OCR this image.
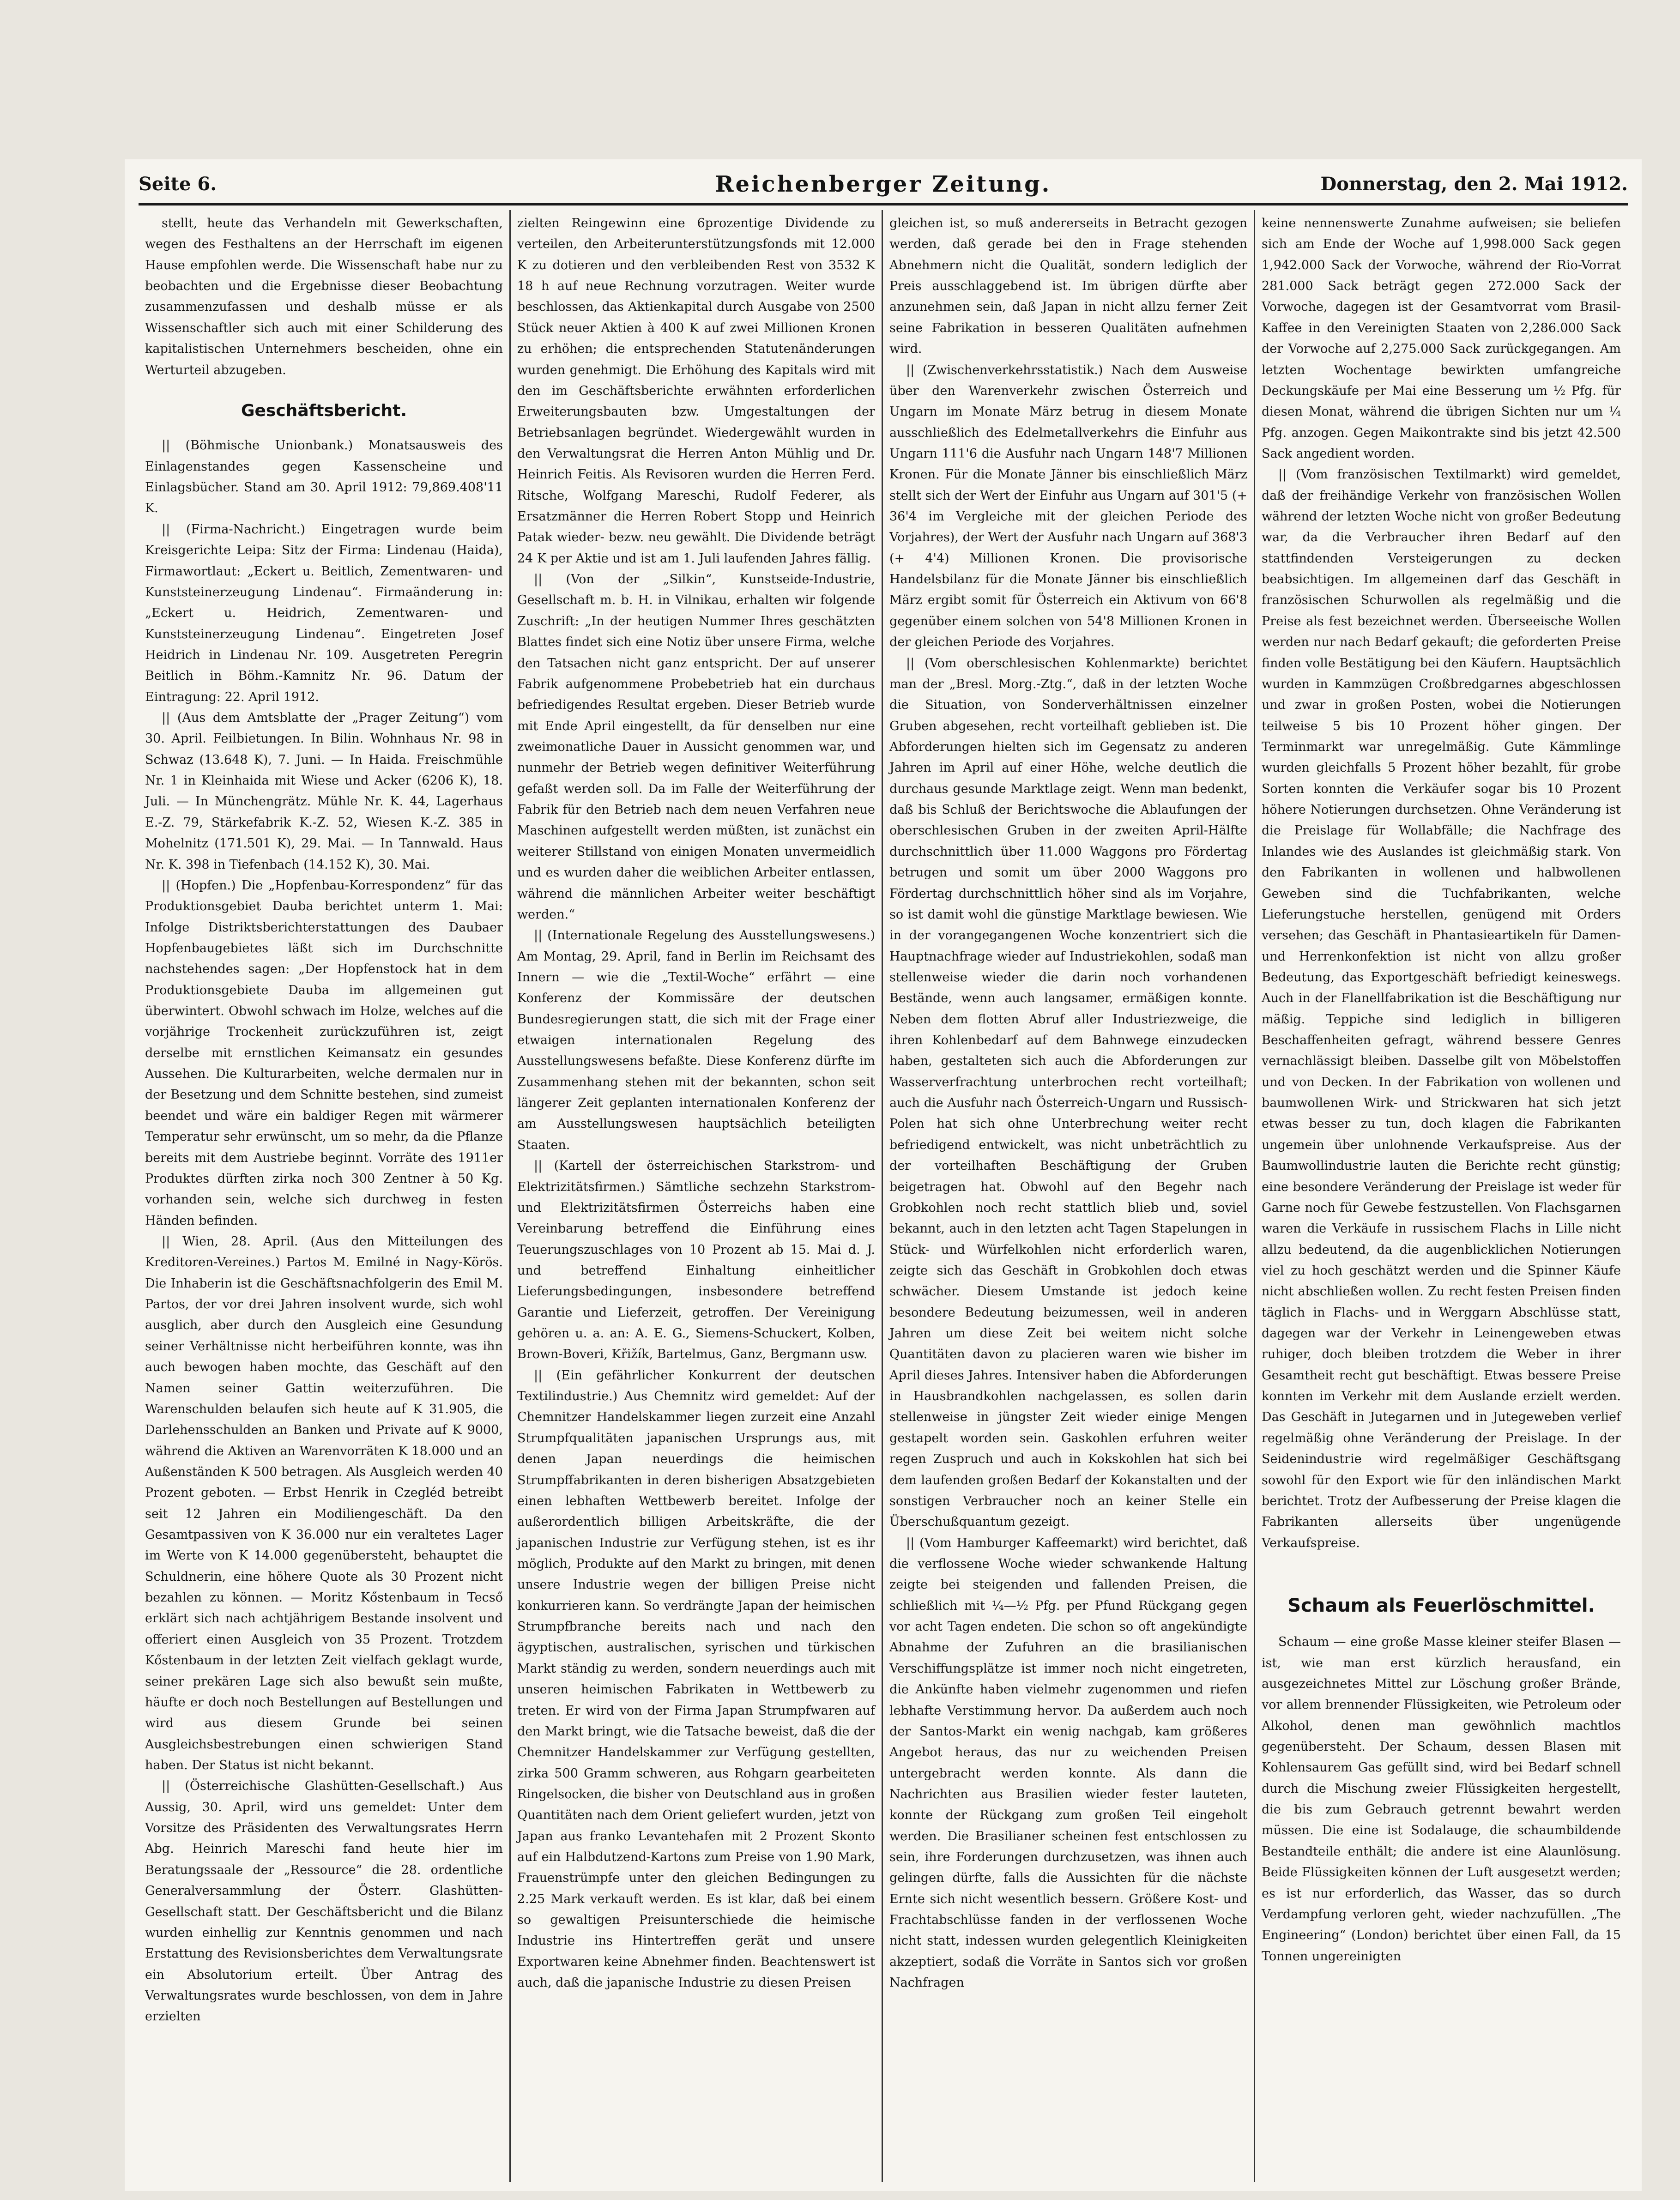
Seite 6.	Reichenberger Zeitung.	Donnerstag, den 2. Mai 1912.

stellt, heute das Verhandeln mit Gewerkschaften, wegen des Festhaltens an der Herrschaft im eigenen Hause empfohlen werde. Die Wissenschaft habe nur zu beobachten und die Ergebnisse dieser Beobachtung zusammenzufassen und deshalb müsse er als Wissenschaftler sich auch mit einer Schilderung des kapitalistischen Unternehmers bescheiden, ohne ein Werturteil abzugeben.

Geschäftsbericht.

|| (Böhmische Unionbank.) Monatsausweis des Einlagenstandes gegen Kassenscheine und Einlagsbücher. Stand am 30. April 1912: 79,869.408'11 K.

|| (Firma-Nachricht.) Eingetragen wurde beim Kreisgerichte Leipa: Sitz der Firma: Lindenau (Haida), Firmawortlaut: „Eckert u. Beitlich, Zementwaren- und Kunststeinerzeugung Lindenau“. Firmaänderung in: „Eckert u. Heidrich, Zementwaren- und Kunststeinerzeugung Lindenau“. Eingetreten Josef Heidrich in Lindenau Nr. 109. Ausgetreten Peregrin Beitlich in Böhm.-Kamnitz Nr. 96. Datum der Eintragung: 22. April 1912.

|| (Aus dem Amtsblatte der „Prager Zeitung“) vom 30. April. Feilbietungen. In Bilin. Wohnhaus Nr. 98 in Schwaz (13.648 K), 7. Juni. — In Haida. Freischmühle Nr. 1 in Kleinhaida mit Wiese und Acker (6206 K), 18. Juli. — In Münchengrätz. Mühle Nr. K. 44, Lagerhaus E.-Z. 79, Stärkefabrik K.-Z. 52, Wiesen K.-Z. 385 in Mohelnitz (171.501 K), 29. Mai. — In Tannwald. Haus Nr. K. 398 in Tiefenbach (14.152 K), 30. Mai.

|| (Hopfen.) Die „Hopfenbau-Korrespondenz“ für das Produktionsgebiet Dauba berichtet unterm 1. Mai: Infolge Distriktsberichterstattungen des Daubaer Hopfenbaugebietes läßt sich im Durchschnitte nachstehendes sagen: „Der Hopfenstock hat in dem Produktionsgebiete Dauba im allgemeinen gut überwintert. Obwohl schwach im Holze, welches auf die vorjährige Trockenheit zurückzuführen ist, zeigt derselbe mit ernstlichen Keimansatz ein gesundes Aussehen. Die Kulturarbeiten, welche dermalen nur in der Besetzung und dem Schnitte bestehen, sind zumeist beendet und wäre ein baldiger Regen mit wärmerer Temperatur sehr erwünscht, um so mehr, da die Pflanze bereits mit dem Austriebe beginnt. Vorräte des 1911er Produktes dürften zirka noch 300 Zentner à 50 Kg. vorhanden sein, welche sich durchweg in festen Händen befinden.

|| Wien, 28. April. (Aus den Mitteilungen des Kreditoren-Vereines.) Partos M. Emilné in Nagy-Körös. Die Inhaberin ist die Geschäftsnachfolgerin des Emil M. Partos, der vor drei Jahren insolvent wurde, sich wohl ausglich, aber durch den Ausgleich eine Gesundung seiner Verhältnisse nicht herbeiführen konnte, was ihn auch bewogen haben mochte, das Geschäft auf den Namen seiner Gattin weiterzuführen. Die Warenschulden belaufen sich heute auf K 31.905, die Darlehensschulden an Banken und Private auf K 9000, während die Aktiven an Warenvorräten K 18.000 und an Außenständen K 500 betragen. Als Ausgleich werden 40 Prozent geboten. — Erbst Henrik in Czegléd betreibt seit 12 Jahren ein Modiliengeschäft. Da den Gesamtpassiven von K 36.000 nur ein veraltetes Lager im Werte von K 14.000 gegenübersteht, behauptet die Schuldnerin, eine höhere Quote als 30 Prozent nicht bezahlen zu können. — Moritz Kőstenbaum in Tecső erklärt sich nach achtjährigem Bestande insolvent und offeriert einen Ausgleich von 35 Prozent. Trotzdem Kőstenbaum in der letzten Zeit vielfach geklagt wurde, seiner prekären Lage sich also bewußt sein mußte, häufte er doch noch Bestellungen auf Bestellungen und wird aus diesem Grunde bei seinen Ausgleichsbestrebungen einen schwierigen Stand haben. Der Status ist nicht bekannt.

|| (Österreichische Glashütten-Gesellschaft.) Aus Aussig, 30. April, wird uns gemeldet: Unter dem Vorsitze des Präsidenten des Verwaltungsrates Herrn Abg. Heinrich Mareschi fand heute hier im Beratungssaale der „Ressource“ die 28. ordentliche Generalversammlung der Österr. Glashütten-Gesellschaft statt. Der Geschäftsbericht und die Bilanz wurden einhellig zur Kenntnis genommen und nach Erstattung des Revisionsberichtes dem Verwaltungsrate ein Absolutorium erteilt. Über Antrag des Verwaltungsrates wurde beschlossen, von dem in Jahre erzielten

zielten Reingewinn eine 6prozentige Dividende zu verteilen, den Arbeiterunterstützungsfonds mit 12.000 K zu dotieren und den verbleibenden Rest von 3532 K 18 h auf neue Rechnung vorzutragen. Weiter wurde beschlossen, das Aktienkapital durch Ausgabe von 2500 Stück neuer Aktien à 400 K auf zwei Millionen Kronen zu erhöhen; die entsprechenden Statutenänderungen wurden genehmigt. Die Erhöhung des Kapitals wird mit den im Geschäftsberichte erwähnten erforderlichen Erweiterungsbauten bzw. Umgestaltungen der Betriebsanlagen begründet. Wiedergewählt wurden in den Verwaltungsrat die Herren Anton Mühlig und Dr. Heinrich Feitis. Als Revisoren wurden die Herren Ferd. Ritsche, Wolfgang Mareschi, Rudolf Federer, als Ersatzmänner die Herren Robert Stopp und Heinrich Patak wieder- bezw. neu gewählt. Die Dividende beträgt 24 K per Aktie und ist am 1. Juli laufenden Jahres fällig.

|| (Von der „Silkin“, Kunstseide-Industrie, Gesellschaft m. b. H. in Vilnikau, erhalten wir folgende Zuschrift: „In der heutigen Nummer Ihres geschätzten Blattes findet sich eine Notiz über unsere Firma, welche den Tatsachen nicht ganz entspricht. Der auf unserer Fabrik aufgenommene Probebetrieb hat ein durchaus befriedigendes Resultat ergeben. Dieser Betrieb wurde mit Ende April eingestellt, da für denselben nur eine zweimonatliche Dauer in Aussicht genommen war, und nunmehr der Betrieb wegen definitiver Weiterführung gefaßt werden soll. Da im Falle der Weiterführung der Fabrik für den Betrieb nach dem neuen Verfahren neue Maschinen aufgestellt werden müßten, ist zunächst ein weiterer Stillstand von einigen Monaten unvermeidlich und es wurden daher die weiblichen Arbeiter entlassen, während die männlichen Arbeiter weiter beschäftigt werden.“

|| (Internationale Regelung des Ausstellungswesens.) Am Montag, 29. April, fand in Berlin im Reichsamt des Innern — wie die „Textil-Woche“ erfährt — eine Konferenz der Kommissäre der deutschen Bundesregierungen statt, die sich mit der Frage einer etwaigen internationalen Regelung des Ausstellungswesens befaßte. Diese Konferenz dürfte im Zusammenhang stehen mit der bekannten, schon seit längerer Zeit geplanten internationalen Konferenz der am Ausstellungswesen hauptsächlich beteiligten Staaten.

|| (Kartell der österreichischen Starkstrom- und Elektrizitätsfirmen.) Sämtliche sechzehn Starkstrom- und Elektrizitätsfirmen Österreichs haben eine Vereinbarung betreffend die Einführung eines Teuerungszuschlages von 10 Prozent ab 15. Mai d. J. und betreffend Einhaltung einheitlicher Lieferungsbedingungen, insbesondere betreffend Garantie und Lieferzeit, getroffen. Der Vereinigung gehören u. a. an: A. E. G., Siemens-Schuckert, Kolben, Brown-Boveri, Křižík, Bartelmus, Ganz, Bergmann usw.

|| (Ein gefährlicher Konkurrent der deutschen Textilindustrie.) Aus Chemnitz wird gemeldet: Auf der Chemnitzer Handelskammer liegen zurzeit eine Anzahl Strumpfqualitäten japanischen Ursprungs aus, mit denen Japan neuerdings die heimischen Strumpffabrikanten in deren bisherigen Absatzgebieten einen lebhaften Wettbewerb bereitet. Infolge der außerordentlich billigen Arbeitskräfte, die der japanischen Industrie zur Verfügung stehen, ist es ihr möglich, Produkte auf den Markt zu bringen, mit denen unsere Industrie wegen der billigen Preise nicht konkurrieren kann. So verdrängte Japan der heimischen Strumpfbranche bereits nach und nach den ägyptischen, australischen, syrischen und türkischen Markt ständig zu werden, sondern neuerdings auch mit unseren heimischen Fabrikaten in Wettbewerb zu treten. Er wird von der Firma Japan Strumpfwaren auf den Markt bringt, wie die Tatsache beweist, daß die der Chemnitzer Handelskammer zur Verfügung gestellten, zirka 500 Gramm schweren, aus Rohgarn gearbeiteten Ringelsocken, die bisher von Deutschland aus in großen Quantitäten nach dem Orient geliefert wurden, jetzt von Japan aus franko Levantehafen mit 2 Prozent Skonto auf ein Halbdutzend-Kartons zum Preise von 1.90 Mark, Frauenstrümpfe unter den gleichen Bedingungen zu 2.25 Mark verkauft werden. Es ist klar, daß bei einem so gewaltigen Preisunterschiede die heimische Industrie ins Hintertreffen gerät und unsere Exportwaren keine Abnehmer finden. Beachtenswert ist auch, daß die japanische Industrie zu diesen Preisen

gleichen ist, so muß andererseits in Betracht gezogen werden, daß gerade bei den in Frage stehenden Abnehmern nicht die Qualität, sondern lediglich der Preis ausschlaggebend ist. Im übrigen dürfte aber anzunehmen sein, daß Japan in nicht allzu ferner Zeit seine Fabrikation in besseren Qualitäten aufnehmen wird.

|| (Zwischenverkehrsstatistik.) Nach dem Ausweise über den Warenverkehr zwischen Österreich und Ungarn im Monate März betrug in diesem Monate ausschließlich des Edelmetallverkehrs die Einfuhr aus Ungarn 111'6 die Ausfuhr nach Ungarn 148'7 Millionen Kronen. Für die Monate Jänner bis einschließlich März stellt sich der Wert der Einfuhr aus Ungarn auf 301'5 (+ 36'4 im Vergleiche mit der gleichen Periode des Vorjahres), der Wert der Ausfuhr nach Ungarn auf 368'3 (+ 4'4) Millionen Kronen. Die provisorische Handelsbilanz für die Monate Jänner bis einschließlich März ergibt somit für Österreich ein Aktivum von 66'8 gegenüber einem solchen von 54'8 Millionen Kronen in der gleichen Periode des Vorjahres.

|| (Vom oberschlesischen Kohlenmarkte) berichtet man der „Bresl. Morg.-Ztg.“, daß in der letzten Woche die Situation, von Sonderverhältnissen einzelner Gruben abgesehen, recht vorteilhaft geblieben ist. Die Abforderungen hielten sich im Gegensatz zu anderen Jahren im April auf einer Höhe, welche deutlich die durchaus gesunde Marktlage zeigt. Wenn man bedenkt, daß bis Schluß der Berichtswoche die Ablaufungen der oberschlesischen Gruben in der zweiten April-Hälfte durchschnittlich über 11.000 Waggons pro Fördertag betrugen und somit um über 2000 Waggons pro Fördertag durchschnittlich höher sind als im Vorjahre, so ist damit wohl die günstige Marktlage bewiesen. Wie in der vorangegangenen Woche konzentriert sich die Hauptnachfrage wieder auf Industriekohlen, sodaß man stellenweise wieder die darin noch vorhandenen Bestände, wenn auch langsamer, ermäßigen konnte. Neben dem flotten Abruf aller Industriezweige, die ihren Kohlenbedarf auf dem Bahnwege einzudecken haben, gestalteten sich auch die Abforderungen zur Wasserverfrachtung unterbrochen recht vorteilhaft; auch die Ausfuhr nach Österreich-Ungarn und Russisch-Polen hat sich ohne Unterbrechung weiter recht befriedigend entwickelt, was nicht unbeträchtlich zu der vorteilhaften Beschäftigung der Gruben beigetragen hat. Obwohl auf den Begehr nach Grobkohlen noch recht stattlich blieb und, soviel bekannt, auch in den letzten acht Tagen Stapelungen in Stück- und Würfelkohlen nicht erforderlich waren, zeigte sich das Geschäft in Grobkohlen doch etwas schwächer. Diesem Umstande ist jedoch keine besondere Bedeutung beizumessen, weil in anderen Jahren um diese Zeit bei weitem nicht solche Quantitäten davon zu placieren waren wie bisher im April dieses Jahres. Intensiver haben die Abforderungen in Hausbrandkohlen nachgelassen, es sollen darin stellenweise in jüngster Zeit wieder einige Mengen gestapelt worden sein. Gaskohlen erfuhren weiter regen Zuspruch und auch in Kokskohlen hat sich bei dem laufenden großen Bedarf der Kokanstalten und der sonstigen Verbraucher noch an keiner Stelle ein Überschußquantum gezeigt.

|| (Vom Hamburger Kaffeemarkt) wird berichtet, daß die verflossene Woche wieder schwankende Haltung zeigte bei steigenden und fallenden Preisen, die schließlich mit ¼—½ Pfg. per Pfund Rückgang gegen vor acht Tagen endeten. Die schon so oft angekündigte Abnahme der Zufuhren an die brasilianischen Verschiffungsplätze ist immer noch nicht eingetreten, die Ankünfte haben vielmehr zugenommen und riefen lebhafte Verstimmung hervor. Da außerdem auch noch der Santos-Markt ein wenig nachgab, kam größeres Angebot heraus, das nur zu weichenden Preisen untergebracht werden konnte. Als dann die Nachrichten aus Brasilien wieder fester lauteten, konnte der Rückgang zum großen Teil eingeholt werden. Die Brasilianer scheinen fest entschlossen zu sein, ihre Forderungen durchzusetzen, was ihnen auch gelingen dürfte, falls die Aussichten für die nächste Ernte sich nicht wesentlich bessern. Größere Kost- und Frachtabschlüsse fanden in der verflossenen Woche nicht statt, indessen wurden gelegentlich Kleinigkeiten akzeptiert, sodaß die Vorräte in Santos sich vor großen Nachfragen

keine nennenswerte Zunahme aufweisen; sie beliefen sich am Ende der Woche auf 1,998.000 Sack gegen 1,942.000 Sack der Vorwoche, während der Rio-Vorrat 281.000 Sack beträgt gegen 272.000 Sack der Vorwoche, dagegen ist der Gesamtvorrat vom Brasil-Kaffee in den Vereinigten Staaten von 2,286.000 Sack der Vorwoche auf 2,275.000 Sack zurückgegangen. Am letzten Wochentage bewirkten umfangreiche Deckungskäufe per Mai eine Besserung um ½ Pfg. für diesen Monat, während die übrigen Sichten nur um ¼ Pfg. anzogen. Gegen Maikontrakte sind bis jetzt 42.500 Sack angedient worden.

|| (Vom französischen Textilmarkt) wird gemeldet, daß der freihändige Verkehr von französischen Wollen während der letzten Woche nicht von großer Bedeutung war, da die Verbraucher ihren Bedarf auf den stattfindenden Versteigerungen zu decken beabsichtigen. Im allgemeinen darf das Geschäft in französischen Schurwollen als regelmäßig und die Preise als fest bezeichnet werden. Überseeische Wollen werden nur nach Bedarf gekauft; die geforderten Preise finden volle Bestätigung bei den Käufern. Hauptsächlich wurden in Kammzügen Croßbredgarnes abgeschlossen und zwar in großen Posten, wobei die Notierungen teilweise 5 bis 10 Prozent höher gingen. Der Terminmarkt war unregelmäßig. Gute Kämmlinge wurden gleichfalls 5 Prozent höher bezahlt, für grobe Sorten konnten die Verkäufer sogar bis 10 Prozent höhere Notierungen durchsetzen. Ohne Veränderung ist die Preislage für Wollabfälle; die Nachfrage des Inlandes wie des Auslandes ist gleichmäßig stark. Von den Fabrikanten in wollenen und halbwollenen Geweben sind die Tuchfabrikanten, welche Lieferungstuche herstellen, genügend mit Orders versehen; das Geschäft in Phantasieartikeln für Damen- und Herrenkonfektion ist nicht von allzu großer Bedeutung, das Exportgeschäft befriedigt keineswegs. Auch in der Flanellfabrikation ist die Beschäftigung nur mäßig. Teppiche sind lediglich in billigeren Beschaffenheiten gefragt, während bessere Genres vernachlässigt bleiben. Dasselbe gilt von Möbelstoffen und von Decken. In der Fabrikation von wollenen und baumwollenen Wirk- und Strickwaren hat sich jetzt etwas besser zu tun, doch klagen die Fabrikanten ungemein über unlohnende Verkaufspreise. Aus der Baumwollindustrie lauten die Berichte recht günstig; eine besondere Veränderung der Preislage ist weder für Garne noch für Gewebe festzustellen. Von Flachsgarnen waren die Verkäufe in russischem Flachs in Lille nicht allzu bedeutend, da die augenblicklichen Notierungen viel zu hoch geschätzt werden und die Spinner Käufe nicht abschließen wollen. Zu recht festen Preisen finden täglich in Flachs- und in Werggarn Abschlüsse statt, dagegen war der Verkehr in Leinengeweben etwas ruhiger, doch bleiben trotzdem die Weber in ihrer Gesamtheit recht gut beschäftigt. Etwas bessere Preise konnten im Verkehr mit dem Auslande erzielt werden. Das Geschäft in Jutegarnen und in Jutegeweben verlief regelmäßig ohne Veränderung der Preislage. In der Seidenindustrie wird regelmäßiger Geschäftsgang sowohl für den Export wie für den inländischen Markt berichtet. Trotz der Aufbesserung der Preise klagen die Fabrikanten allerseits über ungenügende Verkaufspreise.

Schaum als Feuerlöschmittel.

Schaum — eine große Masse kleiner steifer Blasen — ist, wie man erst kürzlich herausfand, ein ausgezeichnetes Mittel zur Löschung großer Brände, vor allem brennender Flüssigkeiten, wie Petroleum oder Alkohol, denen man gewöhnlich machtlos gegenübersteht. Der Schaum, dessen Blasen mit Kohlensaurem Gas gefüllt sind, wird bei Bedarf schnell durch die Mischung zweier Flüssigkeiten hergestellt, die bis zum Gebrauch getrennt bewahrt werden müssen. Die eine ist Sodalauge, die schaumbildende Bestandteile enthält; die andere ist eine Alaunlösung. Beide Flüssigkeiten können der Luft ausgesetzt werden; es ist nur erforderlich, das Wasser, das so durch Verdampfung verloren geht, wieder nachzufüllen. „The Engineering“ (London) berichtet über einen Fall, da 15 Tonnen ungereinigten
